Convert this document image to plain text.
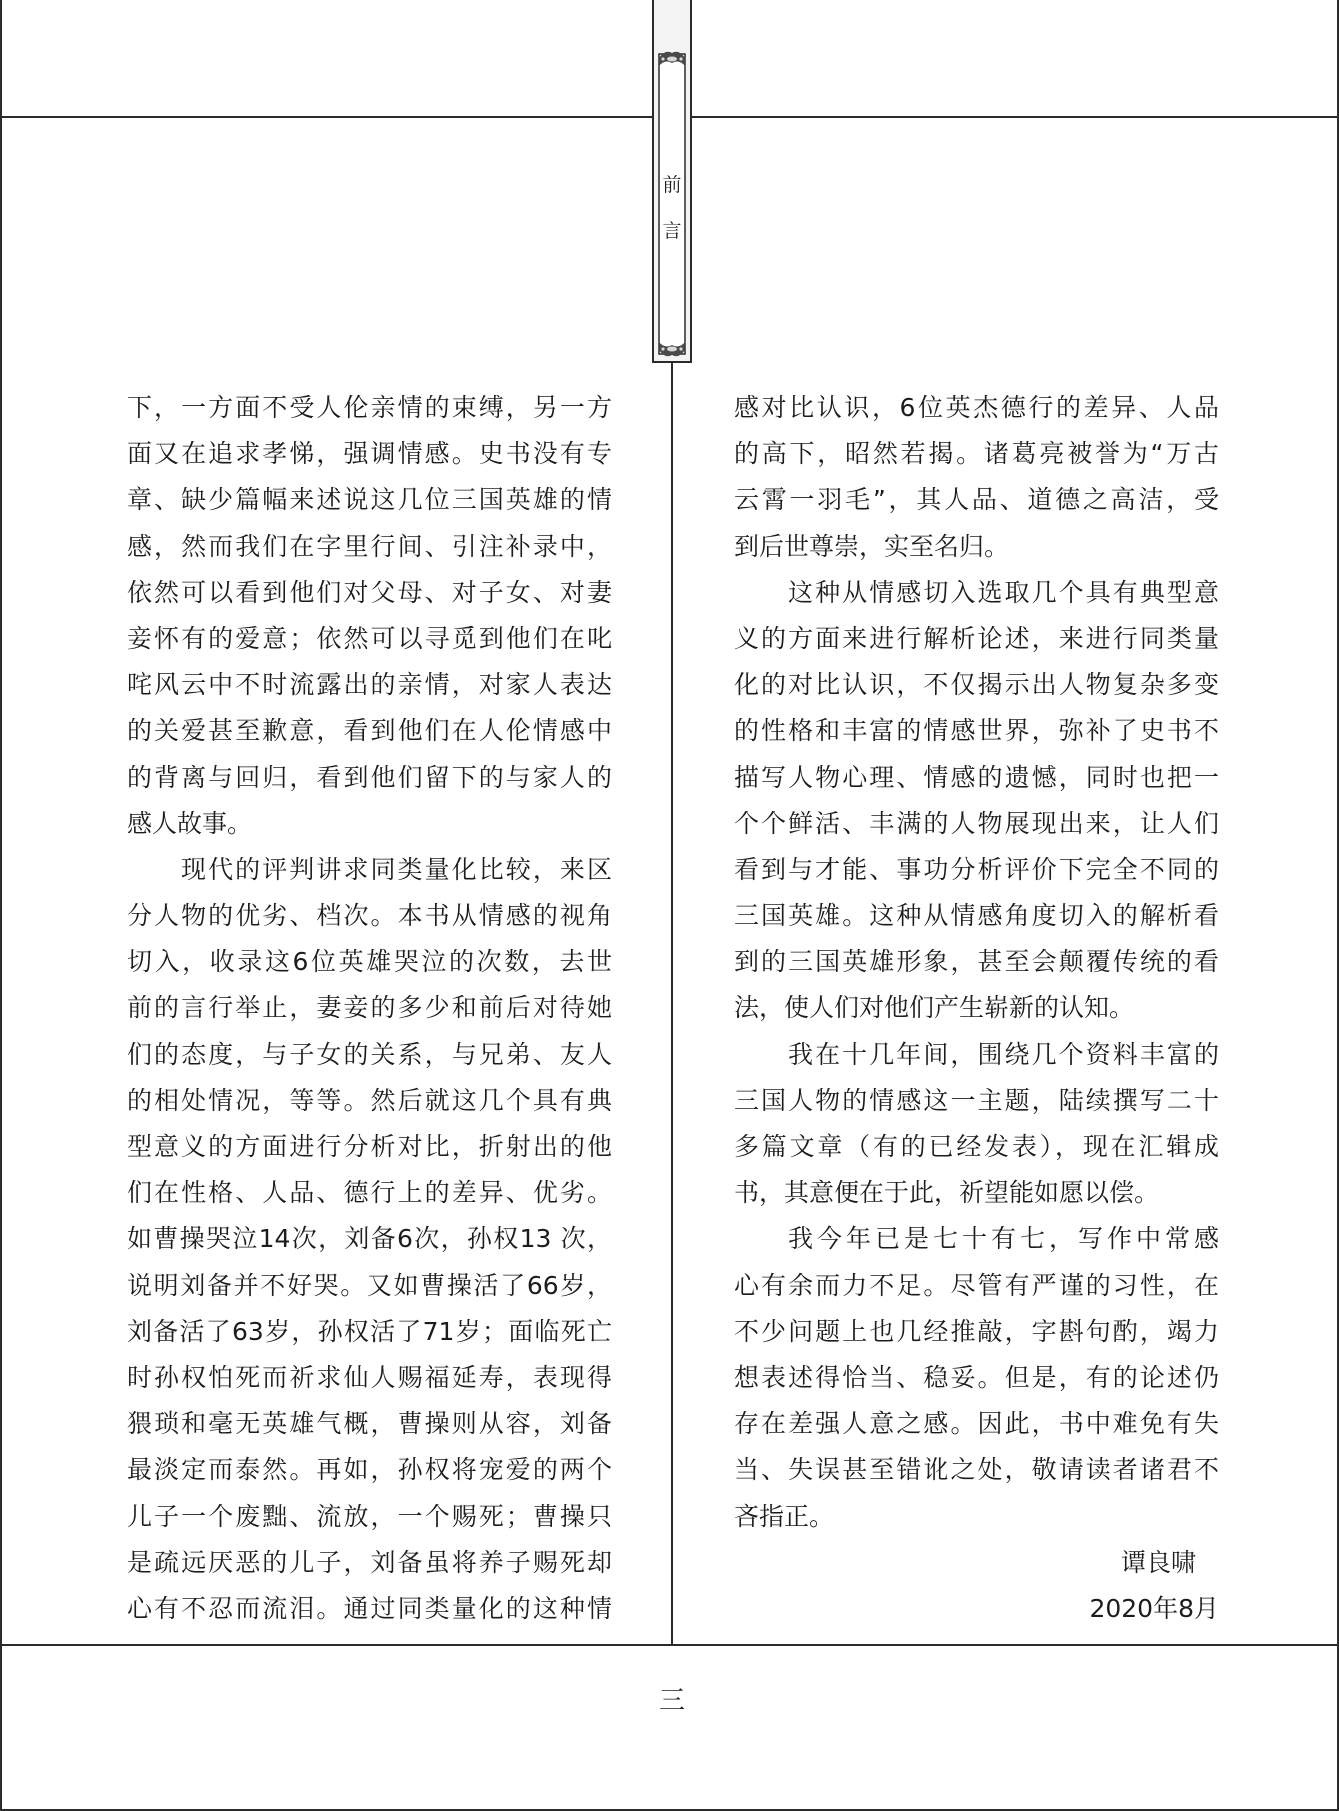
前
言
下，一方面不受人伦亲情的束缚，另一方
面又在追求孝悌，强调情感。史书没有专
章、缺少篇幅来述说这几位三国英雄的情
感，然而我们在字里行间、引注补录中，
依然可以看到他们对父母、对子女、对妻
妾怀有的爱意；依然可以寻觅到他们在叱
咤风云中不时流露出的亲情，对家人表达
的关爱甚至歉意，看到他们在人伦情感中
的背离与回归，看到他们留下的与家人的
感人故事。
现代的评判讲求同类量化比较，来区
分人物的优劣、档次。本书从情感的视角
切入，收录这6位英雄哭泣的次数，去世
前的言行举止，妻妾的多少和前后对待她
们的态度，与子女的关系，与兄弟、友人
的相处情况，等等。然后就这几个具有典
型意义的方面进行分析对比，折射出的他
们在性格、人品、德行上的差异、优劣。
如曹操哭泣14次，刘备6次，孙权13 次，
说明刘备并不好哭。又如曹操活了66岁，
刘备活了63岁，孙权活了71岁；面临死亡
时孙权怕死而祈求仙人赐福延寿，表现得
猥琐和毫无英雄气概，曹操则从容，刘备
最淡定而泰然。再如，孙权将宠爱的两个
儿子一个废黜、流放，一个赐死；曹操只
是疏远厌恶的儿子，刘备虽将养子赐死却
心有不忍而流泪。通过同类量化的这种情
感对比认识，6位英杰德行的差异、人品
的高下，昭然若揭。诸葛亮被誉为“万古
云霄一羽毛”，其人品、道德之高洁，受
到后世尊崇，实至名归。
这种从情感切入选取几个具有典型意
义的方面来进行解析论述，来进行同类量
化的对比认识，不仅揭示出人物复杂多变
的性格和丰富的情感世界，弥补了史书不
描写人物心理、情感的遗憾，同时也把一
个个鲜活、丰满的人物展现出来，让人们
看到与才能、事功分析评价下完全不同的
三国英雄。这种从情感角度切入的解析看
到的三国英雄形象，甚至会颠覆传统的看
法，使人们对他们产生崭新的认知。
我在十几年间，围绕几个资料丰富的
三国人物的情感这一主题，陆续撰写二十
多篇文章（有的已经发表），现在汇辑成
书，其意便在于此，祈望能如愿以偿。
我今年已是七十有七，写作中常感
心有余而力不足。尽管有严谨的习性，在
不少问题上也几经推敲，字斟句酌，竭力
想表述得恰当、稳妥。但是，有的论述仍
存在差强人意之感。因此，书中难免有失
当、失误甚至错讹之处，敬请读者诸君不
吝指正。
谭良啸
2020年8月
三
